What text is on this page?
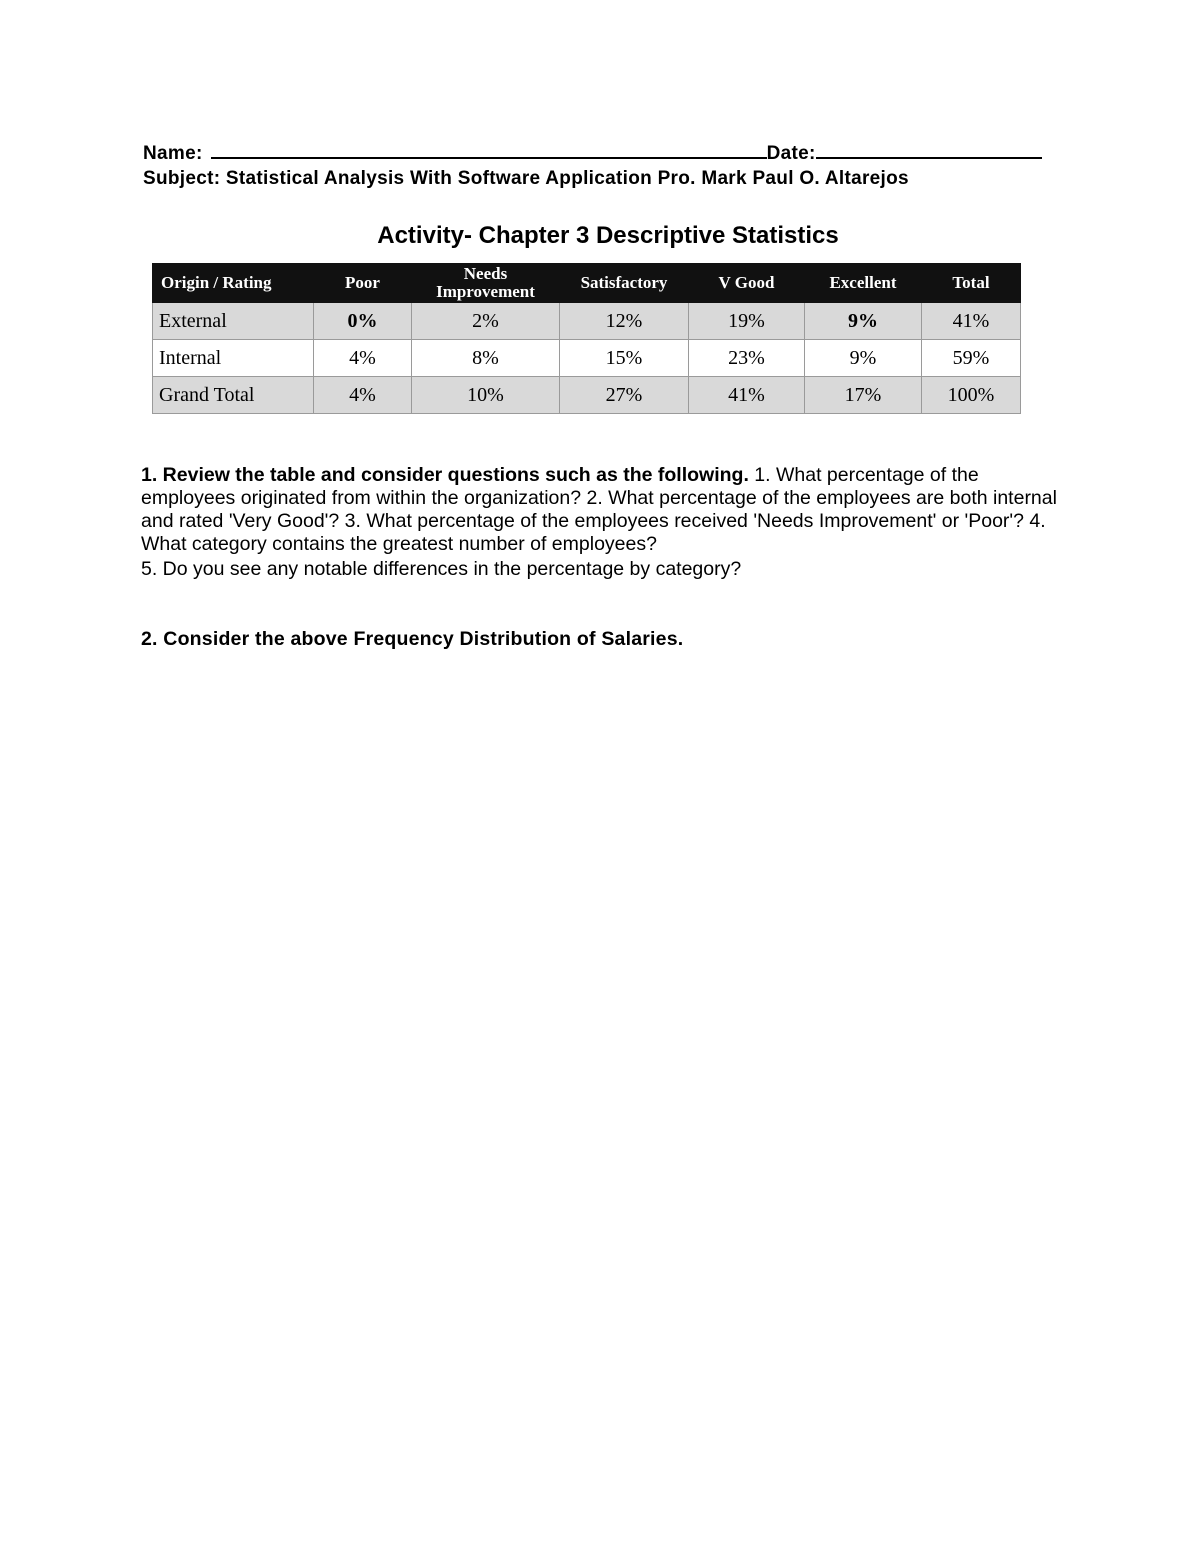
Name:	Date:
Subject: Statistical Analysis With Software Application Pro. Mark Paul O. Altarejos
Activity- Chapter 3 Descriptive Statistics
Origin / Rating	Poor	Needs Improvement	Satisfactory	V Good	Excellent	Total
External	0%	2%	12%	19%	9%	41%
Internal	4%	8%	15%	23%	9%	59%
Grand Total	4%	10%	27%	41%	17%	100%
1. Review the table and consider questions such as the following. 1. What percentage of the employees originated from within the organization? 2. What percentage of the employees are both internal and rated 'Very Good'? 3. What percentage of the employees received 'Needs Improvement' or 'Poor'? 4. What category contains the greatest number of employees?
5. Do you see any notable differences in the percentage by category?
2. Consider the above Frequency Distribution of Salaries.
